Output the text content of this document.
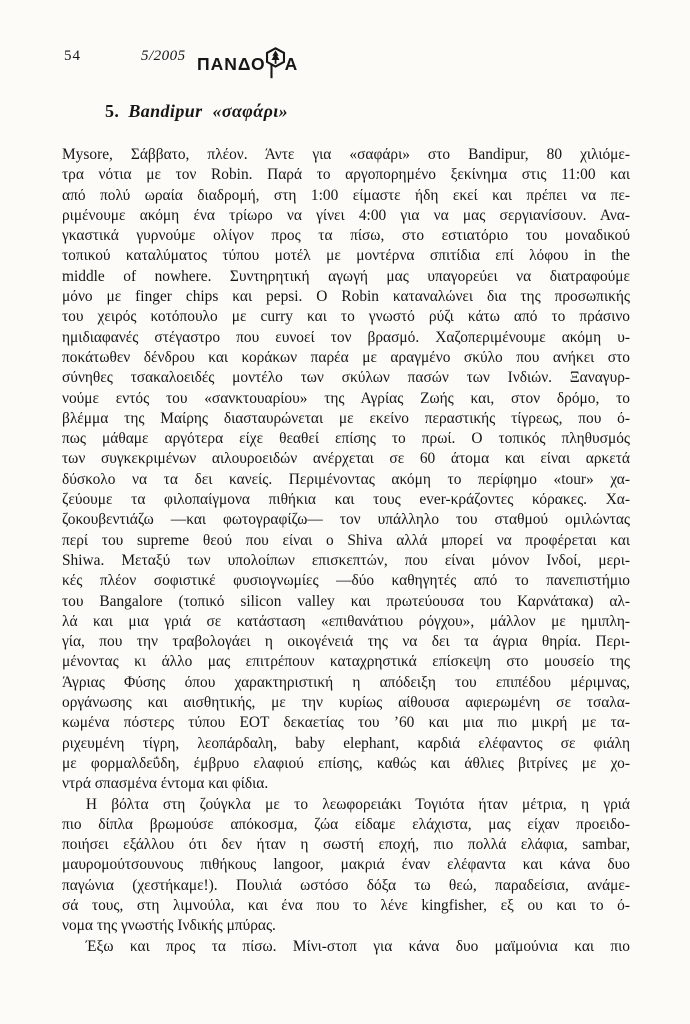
54	5/2005 ΠΑΝΔΟ Α
5. Bandipur «σαφάρι»
Mysore, Σάββατο, πλέον. Άντε για «σαφάρι» στο Bandipur, 80 χιλιόμε-
τρα νότια με τον Robin. Παρά το αργοπορημένο ξεκίνημα στις 11:00 και
από πολύ ωραία διαδρομή, στη 1:00 είμαστε ήδη εκεί και πρέπει να πε-
ριμένουμε ακόμη ένα τρίωρο να γίνει 4:00 για να μας σεργιανίσουν. Ανα-
γκαστικά γυρνούμε ολίγον προς τα πίσω, στο εστιατόριο του μοναδικού
τοπικού καταλύματος τύπου μοτέλ με μοντέρνα σπιτίδια επί λόφου in the
middle of nowhere. Συντηρητική αγωγή μας υπαγορεύει να διατραφούμε
μόνο με finger chips και pepsi. Ο Robin καταναλώνει δια της προσωπικής
του χειρός κοτόπουλο με curry και το γνωστό ρύζι κάτω από το πράσινο
ημιδιαφανές στέγαστρο που ευνοεί τον βρασμό. Χαζοπεριμένουμε ακόμη υ-
ποκάτωθεν δένδρου και κοράκων παρέα με αραγμένο σκύλο που ανήκει στο
σύνηθες τσακαλοειδές μοντέλο των σκύλων πασών των Ινδιών. Ξαναγυρ-
νούμε εντός του «σανκτουαρίου» της Αγρίας Ζωής και, στον δρόμο, το
βλέμμα της Μαίρης διασταυρώνεται με εκείνο περαστικής τίγρεως, που ό-
πως μάθαμε αργότερα είχε θεαθεί επίσης το πρωί. Ο τοπικός πληθυσμός
των συγκεκριμένων αιλουροειδών ανέρχεται σε 60 άτομα και είναι αρκετά
δύσκολο να τα δει κανείς. Περιμένοντας ακόμη το περίφημο «tour» χα-
ζεύουμε τα φιλοπαίγμονα πιθήκια και τους ever-κράζοντες κόρακες. Χα-
ζοκουβεντιάζω —και φωτογραφίζω— τον υπάλληλο του σταθμού ομιλώντας
περί του supreme θεού που είναι ο Shiva αλλά μπορεί να προφέρεται και
Shiwa. Μεταξύ των υπολοίπων επισκεπτών, που είναι μόνον Ινδοί, μερι-
κές πλέον σοφιστικέ φυσιογνωμίες —δύο καθηγητές από το πανεπιστήμιο
του Bangalore (τοπικό silicon valley και πρωτεύουσα του Καρνάτακα) αλ-
λά και μια γριά σε κατάσταση «επιθανάτιου ρόγχου», μάλλον με ημιπλη-
γία, που την τραβολογάει η οικογένειά της να δει τα άγρια θηρία. Περι-
μένοντας κι άλλο μας επιτρέπουν καταχρηστικά επίσκεψη στο μουσείο της
Άγριας Φύσης όπου χαρακτηριστική η απόδειξη του επιπέδου μέριμνας,
οργάνωσης και αισθητικής, με την κυρίως αίθουσα αφιερωμένη σε τσαλα-
κωμένα πόστερς τύπου ΕΟΤ δεκαετίας του ’60 και μια πιο μικρή με τα-
ριχευμένη τίγρη, λεοπάρδαλη, baby elephant, καρδιά ελέφαντος σε φιάλη
με φορμαλδεΰδη, έμβρυο ελαφιού επίσης, καθώς και άθλιες βιτρίνες με χο-
ντρά σπασμένα έντομα και φίδια.
Η βόλτα στη ζούγκλα με το λεωφορειάκι Τογιότα ήταν μέτρια, η γριά
πιο δίπλα βρωμούσε απόκοσμα, ζώα είδαμε ελάχιστα, μας είχαν προειδο-
ποιήσει εξάλλου ότι δεν ήταν η σωστή εποχή, πιο πολλά ελάφια, sambar,
μαυρομούτσουνους πιθήκους langoor, μακριά έναν ελέφαντα και κάνα δυο
παγώνια (χεστήκαμε!). Πουλιά ωστόσο δόξα τω θεώ, παραδείσια, ανάμε-
σά τους, στη λιμνούλα, και ένα που το λένε kingfisher, εξ ου και το ό-
νομα της γνωστής Ινδικής μπύρας.
Έξω και προς τα πίσω. Μίνι-στοπ για κάνα δυο μαϊμούνια και πιο
